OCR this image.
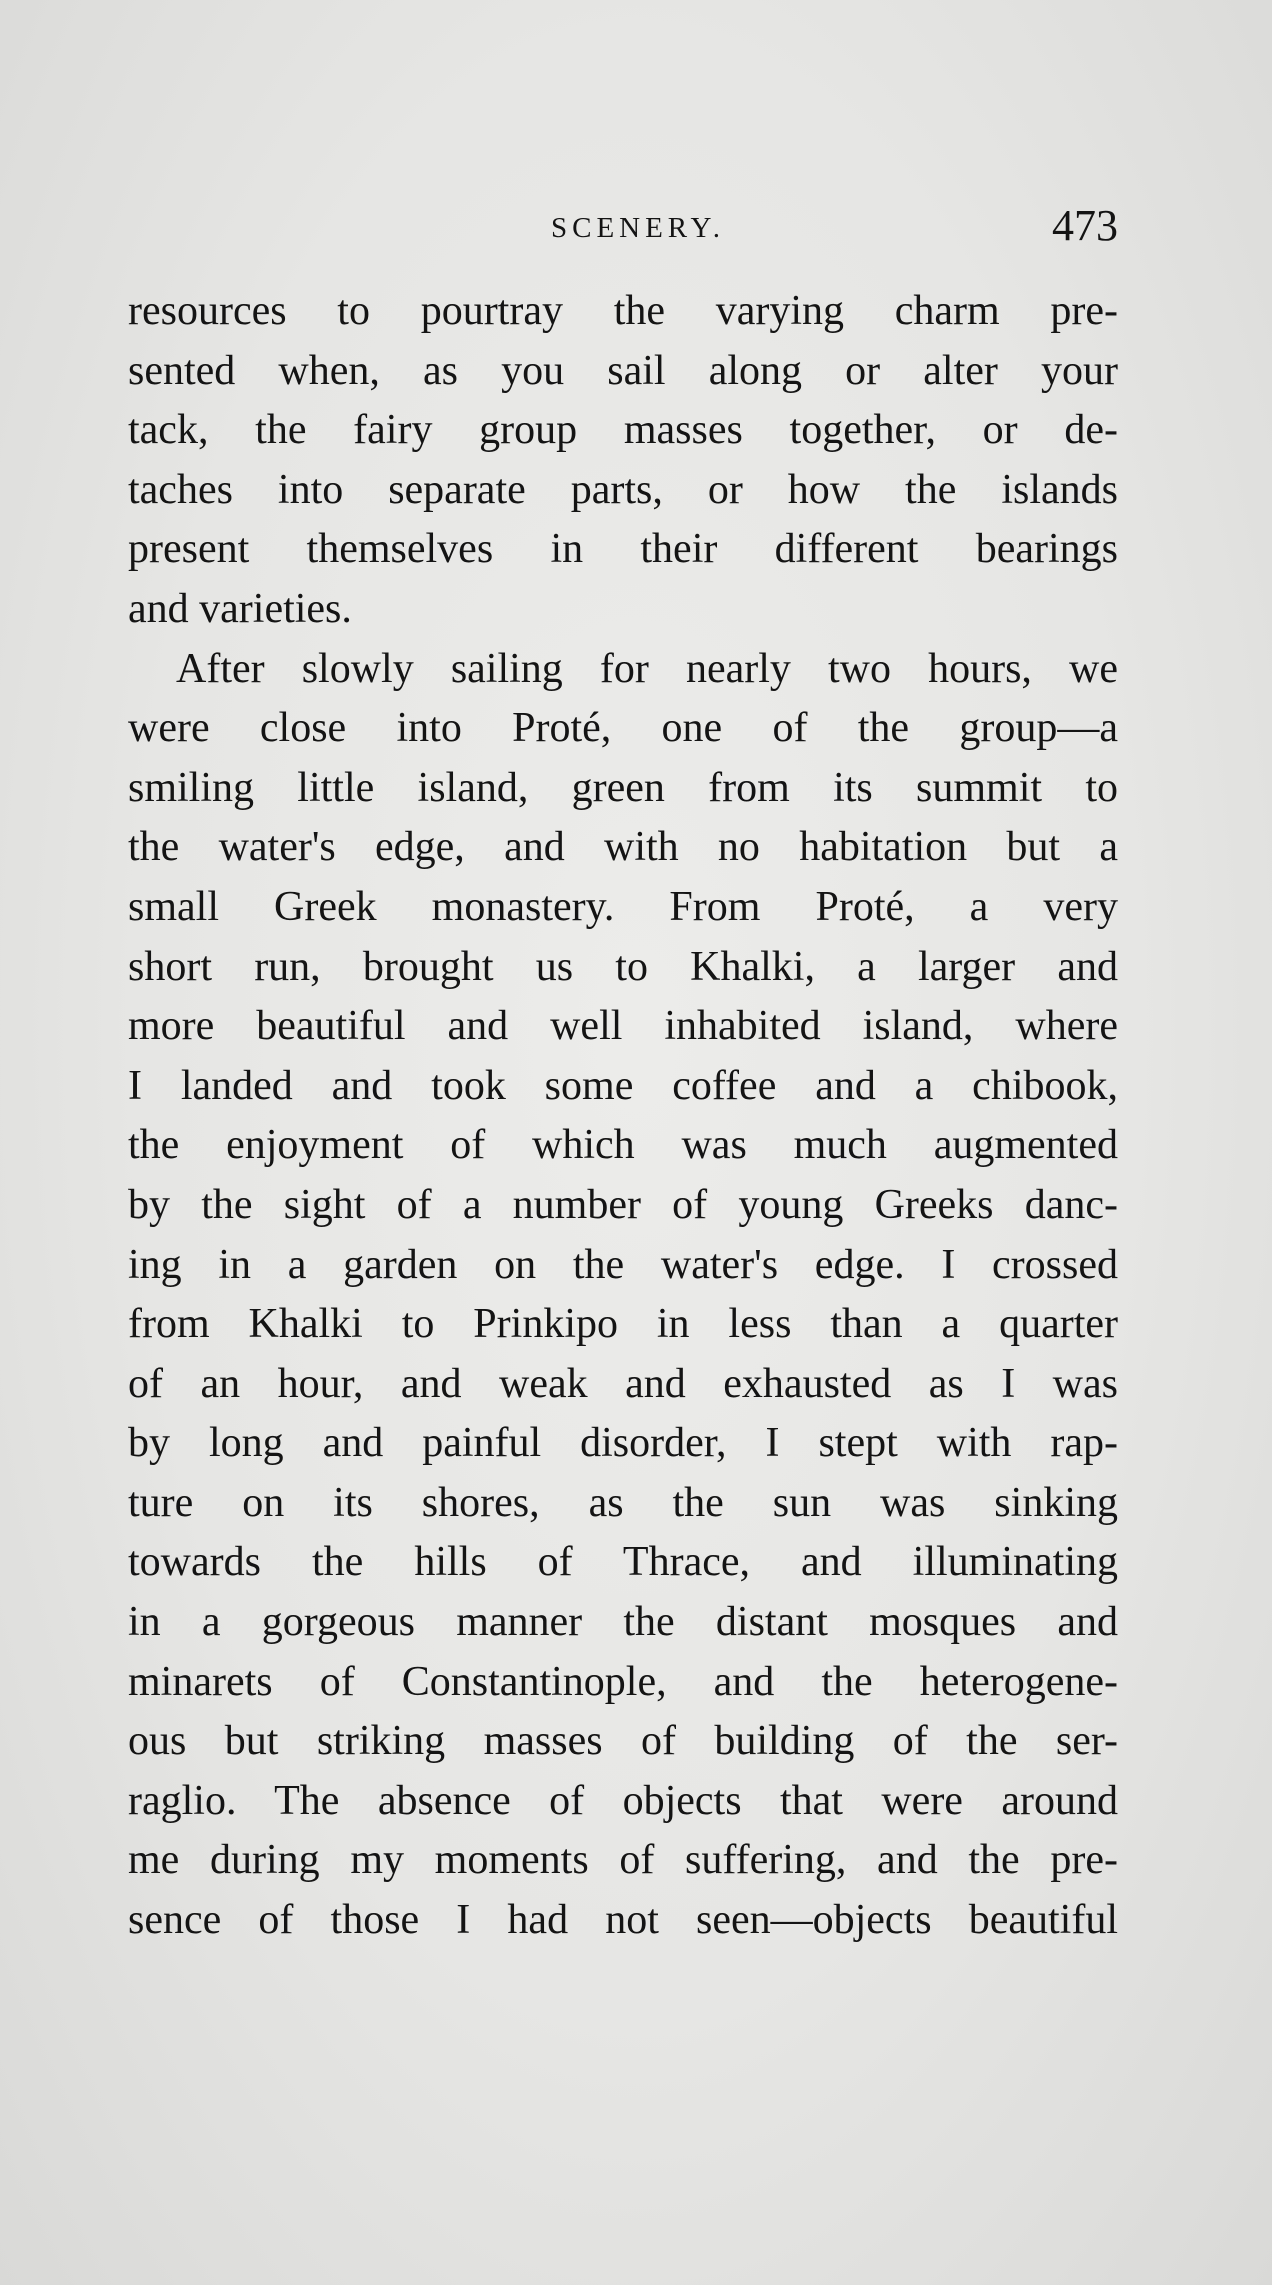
SCENERY.	473
resources to pourtray the varying charm pre-
sented when, as you sail along or alter your
tack, the fairy group masses together, or de-
taches into separate parts, or how the islands
present themselves in their different bearings
and varieties.
After slowly sailing for nearly two hours, we
were close into Proté, one of the group—a
smiling little island, green from its summit to
the water's edge, and with no habitation but a
small Greek monastery. From Proté, a very
short run, brought us to Khalki, a larger and
more beautiful and well inhabited island, where
I landed and took some coffee and a chibook,
the enjoyment of which was much augmented
by the sight of a number of young Greeks danc-
ing in a garden on the water's edge. I crossed
from Khalki to Prinkipo in less than a quarter
of an hour, and weak and exhausted as I was
by long and painful disorder, I stept with rap-
ture on its shores, as the sun was sinking
towards the hills of Thrace, and illuminating
in a gorgeous manner the distant mosques and
minarets of Constantinople, and the heterogene-
ous but striking masses of building of the ser-
raglio. The absence of objects that were around
me during my moments of suffering, and the pre-
sence of those I had not seen—objects beautiful
